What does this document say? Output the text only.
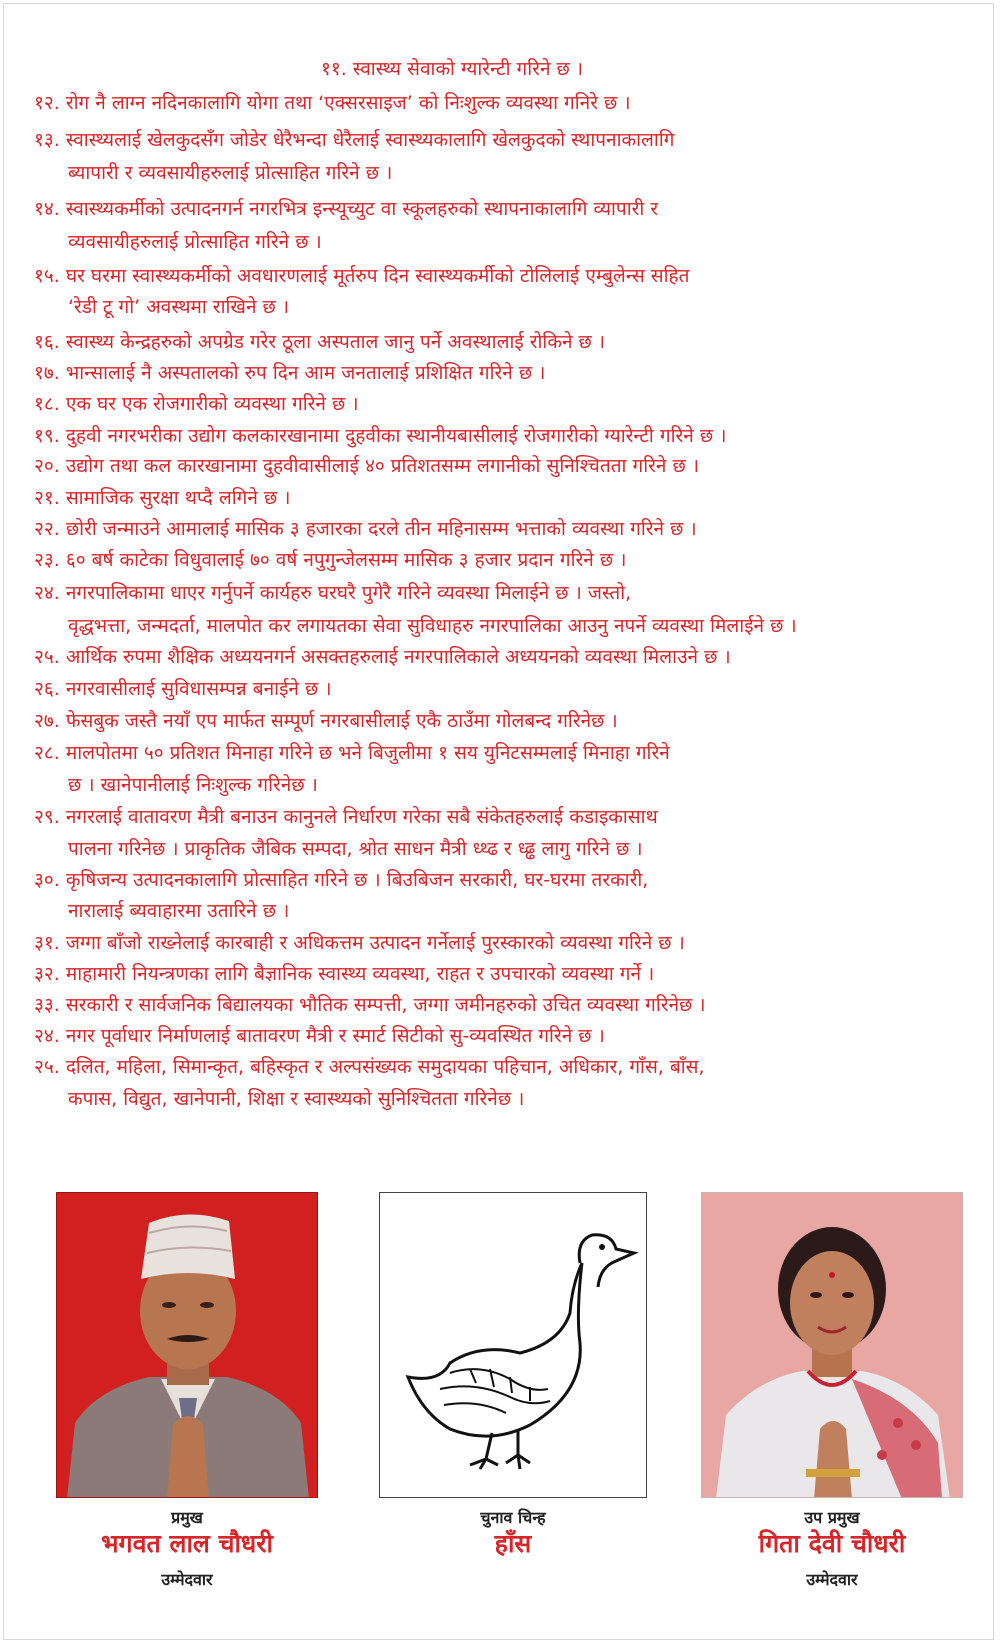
११. स्वास्थ्य सेवाको ग्यारेन्टी गरिने छ ।
१२. रोग नै लाग्न नदिनकालागि योगा तथा ‘एक्सरसाइज’ को निःशुल्क व्यवस्था गनिरे छ ।
१३. स्वास्थ्यलाई खेलकुदसँग जोडेर धेरैभन्दा धेरैलाई स्वास्थ्यकालागि खेलकुदको स्थापनाकालागि
ब्यापारी र व्यवसायीहरुलाई प्रोत्साहित गरिने छ ।
१४. स्वास्थ्यकर्मीको उत्पादनगर्न नगरभित्र इन्स्यूच्युट वा स्कूलहरुको स्थापनाकालागि व्यापारी र
व्यवसायीहरुलाई प्रोत्साहित गरिने छ ।
१५. घर घरमा स्वास्थ्यकर्मीको अवधारणलाई मूर्तरुप दिन स्वास्थ्यकर्मीको टोलिलाई एम्बुलेन्स सहित
‘रेडी टू गो’ अवस्थमा राखिने छ ।
१६. स्वास्थ्य केन्द्रहरुको अपग्रेड गरेर ठूला अस्पताल जानु पर्ने अवस्थालाई रोकिने छ ।
१७. भान्सालाई नै अस्पतालको रुप दिन आम जनतालाई प्रशिक्षित गरिने छ ।
१८. एक घर एक रोजगारीको व्यवस्था गरिने छ ।
१९. दुहवी नगरभरीका उद्योग कलकारखानामा दुहवीका स्थानीयबासीलाई रोजगारीको ग्यारेन्टी गरिने छ ।
२०. उद्योग तथा कल कारखानामा दुहवीवासीलाई ४० प्रतिशतसम्म लगानीको सुनिश्चितता गरिने छ ।
२१. सामाजिक सुरक्षा थप्दै लगिने छ ।
२२. छोरी जन्माउने आमालाई मासिक ३ हजारका दरले तीन महिनासम्म भत्ताको व्यवस्था गरिने छ ।
२३. ६० बर्ष काटेका विधुवालाई ७० वर्ष नपुगुन्जेलसम्म मासिक ३ हजार प्रदान गरिने छ ।
२४. नगरपालिकामा धाएर गर्नुपर्ने कार्यहरु घरघरै पुगेरै गरिने व्यवस्था मिलाईने छ । जस्तो,
वृद्धभत्ता, जन्मदर्ता, मालपोत कर लगायतका सेवा सुविधाहरु नगरपालिका आउनु नपर्ने व्यवस्था मिलाईने छ ।
२५. आर्थिक रुपमा शैक्षिक अध्ययनगर्न असक्तहरुलाई नगरपालिकाले अध्ययनको व्यवस्था मिलाउने छ ।
२६. नगरवासीलाई सुविधासम्पन्न बनाईने छ ।
२७. फेसबुक जस्तै नयाँ एप मार्फत सम्पूर्ण नगरबासीलाई एकै ठाउँमा गोलबन्द गरिनेछ ।
२८. मालपोतमा ५० प्रतिशत मिनाहा गरिने छ भने बिजुलीमा १ सय युनिटसम्मलाई मिनाहा गरिने
छ । खानेपानीलाई निःशुल्क गरिनेछ ।
२९. नगरलाई वातावरण मैत्री बनाउन कानुनले निर्धारण गरेका सबै संकेतहरुलाई कडाइकासाथ
पालना गरिनेछ । प्राकृतिक जैबिक सम्पदा, श्रोत साधन मैत्री ध्थ्ढ र ध्ढ्ढ लागु गरिने छ ।
३०. कृषिजन्य उत्पादनकालागि प्रोत्साहित गरिने छ । बिउबिजन सरकारी, घर-घरमा तरकारी,
नारालाई ब्यवाहारमा उतारिने छ ।
३१. जग्गा बाँजो राख्नेलाई कारबाही र अधिकत्तम उत्पादन गर्नेलाई पुरस्कारको व्यवस्था गरिने छ ।
३२. माहामारी नियन्त्रणका लागि बैज्ञानिक स्वास्थ्य व्यवस्था, राहत र उपचारको व्यवस्था गर्ने ।
३३. सरकारी र सार्वजनिक बिद्यालयका भौतिक सम्पत्ती, जग्गा जमीनहरुको उचित व्यवस्था गरिनेछ ।
२४. नगर पूर्वाधार निर्माणलाई बातावरण मैत्री र स्मार्ट सिटीको सु-व्यवस्थित गरिने छ ।
२५. दलित, महिला, सिमान्कृत, बहिस्कृत र अल्पसंख्यक समुदायका पहिचान, अधिकार, गाँस, बाँस,
कपास, विद्युत, खानेपानी, शिक्षा र स्वास्थ्यको सुनिश्चितता गरिनेछ ।
प्रमुख
भगवत लाल चौधरी
उम्मेदवार
चुनाव चिन्ह
हाँस
उप प्रमुख
गिता देवी चौधरी
उम्मेदवार
